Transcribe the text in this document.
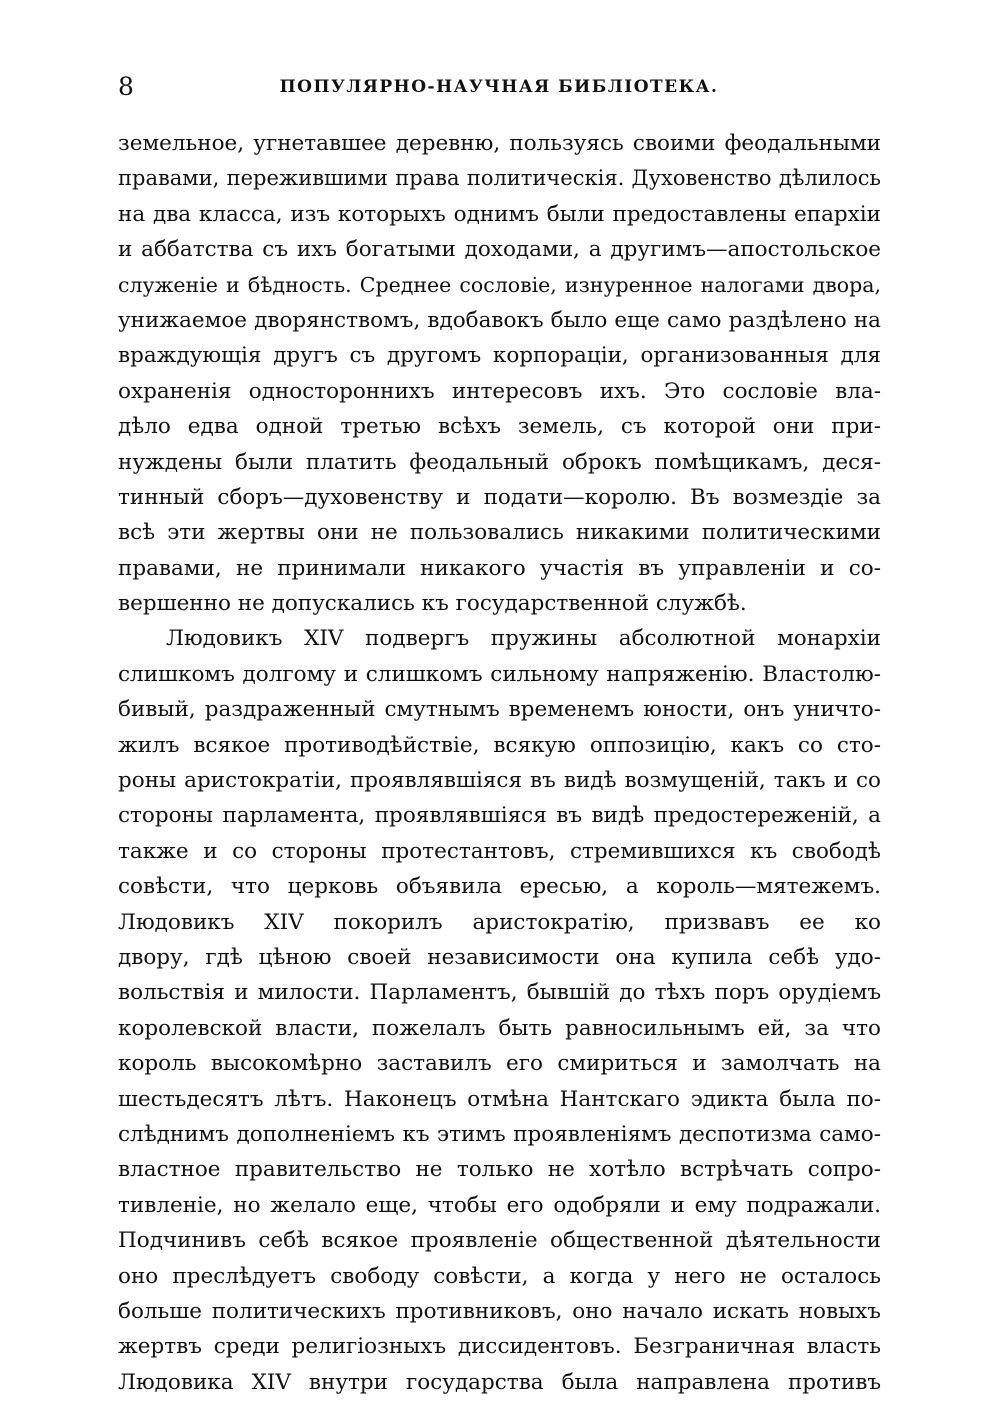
8	ПОПУЛЯРНО-НАУЧНАЯ БИБЛІОТЕКА.
земельное, угнетавшее деревню, пользуясь своими феодальными
правами, пережившими права политическія. Духовенство дѣлилось
на два класса, изъ которыхъ однимъ были предоставлены епархіи
и аббатства съ ихъ богатыми доходами, а другимъ—апостольское
служеніе и бѣдность. Среднее сословіе, изнуренное налогами двора,
унижаемое дворянствомъ, вдобавокъ было еще само раздѣлено на
враждующія другъ съ другомъ корпораціи, организованныя для
охраненія одностороннихъ интересовъ ихъ. Это сословіе вла-
дѣло едва одной третью всѣхъ земель, съ которой они при-
нуждены были платить феодальный оброкъ помѣщикамъ, деся-
тинный сборъ—духовенству и подати—королю. Въ возмездіе за
всѣ эти жертвы они не пользовались никакими политическими
правами, не принимали никакого участія въ управленіи и со-
вершенно не допускались къ государственной службѣ.
Людовикъ XIV подвергъ пружины абсолютной монархіи
слишкомъ долгому и слишкомъ сильному напряженію. Властолю-
бивый, раздраженный смутнымъ временемъ юности, онъ уничто-
жилъ всякое противодѣйствіе, всякую оппозицію, какъ со сто-
роны аристократіи, проявлявшіяся въ видѣ возмущеній, такъ и со
стороны парламента, проявлявшіяся въ видѣ предостереженій, а
также и со стороны протестантовъ, стремившихся къ свободѣ
совѣсти, что церковь объявила ересью, а король—мятежемъ.
Людовикъ XIV покорилъ аристократію, призвавъ ее ко
двору, гдѣ цѣною своей независимости она купила себѣ удо-
вольствія и милости. Парламентъ, бывшій до тѣхъ поръ орудіемъ
королевской власти, пожелалъ быть равносильнымъ ей, за что
король высокомѣрно заставилъ его смириться и замолчать на
шестьдесятъ лѣтъ. Наконецъ отмѣна Нантскаго эдикта была по-
слѣднимъ дополненіемъ къ этимъ проявленіямъ деспотизма само-
властное правительство не только не хотѣло встрѣчать сопро-
тивленіе, но желало еще, чтобы его одобряли и ему подражали.
Подчинивъ себѣ всякое проявленіе общественной дѣятельности
оно преслѣдуетъ свободу совѣсти, а когда у него не осталось
больше политическихъ противниковъ, оно начало искать новыхъ
жертвъ среди религіозныхъ диссидентовъ. Безграничная власть
Людовика XIV внутри государства была направлена противъ
